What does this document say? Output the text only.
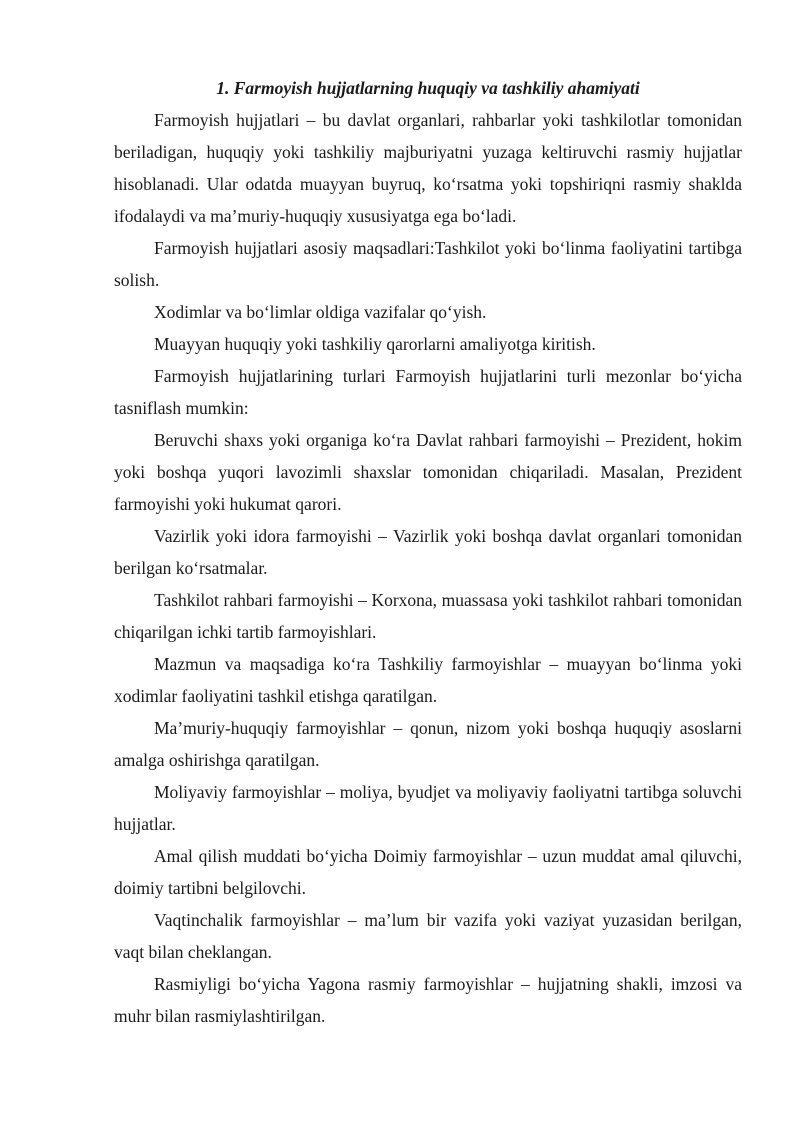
1. Farmoyish hujjatlarning huquqiy va tashkiliy ahamiyati

Farmoyish hujjatlari – bu davlat organlari, rahbarlar yoki tashkilotlar tomonidan beriladigan, huquqiy yoki tashkiliy majburiyatni yuzaga keltiruvchi rasmiy hujjatlar hisoblanadi. Ular odatda muayyan buyruq, ko‘rsatma yoki topshiriqni rasmiy shaklda ifodalaydi va ma’muriy-huquqiy xususiyatga ega bo‘ladi.

Farmoyish hujjatlari asosiy maqsadlari:Tashkilot yoki bo‘linma faoliyatini tartibga solish.

Xodimlar va bo‘limlar oldiga vazifalar qo‘yish.

Muayyan huquqiy yoki tashkiliy qarorlarni amaliyotga kiritish.

Farmoyish hujjatlarining turlari Farmoyish hujjatlarini turli mezonlar bo‘yicha tasniflash mumkin:

Beruvchi shaxs yoki organiga ko‘ra Davlat rahbari farmoyishi – Prezident, hokim yoki boshqa yuqori lavozimli shaxslar tomonidan chiqariladi. Masalan, Prezident farmoyishi yoki hukumat qarori.

Vazirlik yoki idora farmoyishi – Vazirlik yoki boshqa davlat organlari tomonidan berilgan ko‘rsatmalar.

Tashkilot rahbari farmoyishi – Korxona, muassasa yoki tashkilot rahbari tomonidan chiqarilgan ichki tartib farmoyishlari.

Mazmun va maqsadiga ko‘ra Tashkiliy farmoyishlar – muayyan bo‘linma yoki xodimlar faoliyatini tashkil etishga qaratilgan.

Ma’muriy-huquqiy farmoyishlar – qonun, nizom yoki boshqa huquqiy asoslarni amalga oshirishga qaratilgan.

Moliyaviy farmoyishlar – moliya, byudjet va moliyaviy faoliyatni tartibga soluvchi hujjatlar.

Amal qilish muddati bo‘yicha Doimiy farmoyishlar – uzun muddat amal qiluvchi, doimiy tartibni belgilovchi.

Vaqtinchalik farmoyishlar – ma’lum bir vazifa yoki vaziyat yuzasidan berilgan, vaqt bilan cheklangan.

Rasmiyligi bo‘yicha Yagona rasmiy farmoyishlar – hujjatning shakli, imzosi va muhr bilan rasmiylashtirilgan.
